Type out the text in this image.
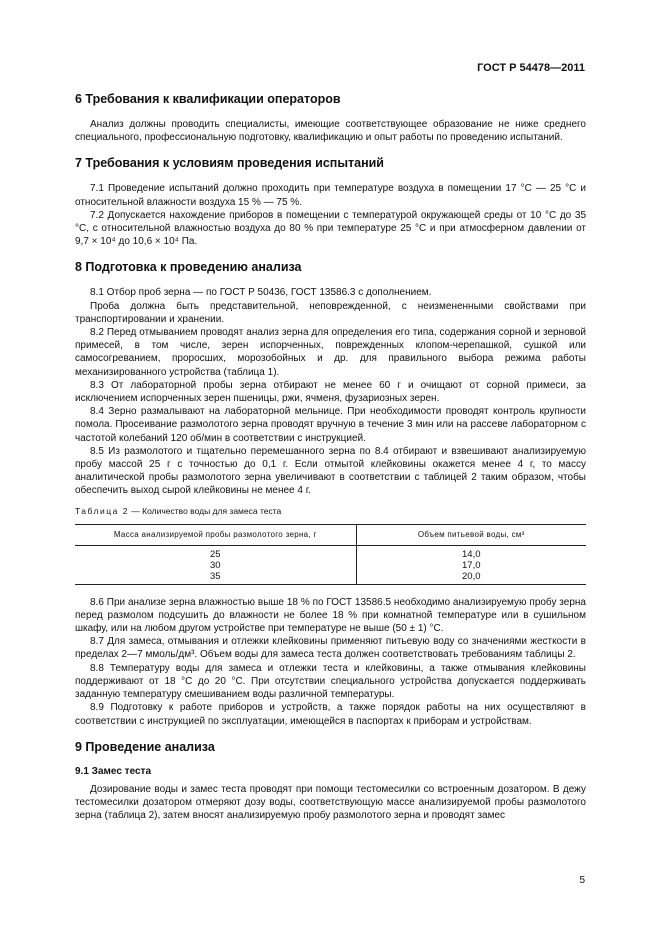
ГОСТ Р 54478—2011
6 Требования к квалификации операторов

Анализ должны проводить специалисты, имеющие соответствующее образование не ниже среднего специального, профессиональную подготовку, квалификацию и опыт работы по проведению испытаний.

7 Требования к условиям проведения испытаний

7.1 Проведение испытаний должно проходить при температуре воздуха в помещении 17 °С — 25 °С и относительной влажности воздуха 15 % — 75 %.

7.2 Допускается нахождение приборов в помещении с температурой окружающей среды от 10 °С до 35 °С, с относительной влажностью воздуха до 80 % при температуре 25 °С и при атмосферном давлении от 9,7 × 10⁴ до 10,6 × 10⁴ Па.

8 Подготовка к проведению анализа

8.1 Отбор проб зерна — по ГОСТ Р 50436, ГОСТ 13586.3 с дополнением.

Проба должна быть представительной, неповрежденной, с неизмененными свойствами при транспортировании и хранении.

8.2 Перед отмыванием проводят анализ зерна для определения его типа, содержания сорной и зерновой примесей, в том числе, зерен испорченных, поврежденных клопом-черепашкой, сушкой или самосогреванием, проросших, морозобойных и др. для правильного выбора режима работы механизированного устройства (таблица 1).

8.3 От лабораторной пробы зерна отбирают не менее 60 г и очищают от сорной примеси, за исключением испорченных зерен пшеницы, ржи, ячменя, фузариозных зерен.

8.4 Зерно размалывают на лабораторной мельнице. При необходимости проводят контроль крупности помола. Просеивание размолотого зерна проводят вручную в течение 3 мин или на рассеве лабораторном с частотой колебаний 120 об/мин в соответствии с инструкцией.

8.5 Из размолотого и тщательно перемешанного зерна по 8.4 отбирают и взвешивают анализируемую пробу массой 25 г с точностью до 0,1 г. Если отмытой клейковины окажется менее 4 г, то массу аналитической пробы размолотого зерна увеличивают в соответствии с таблицей 2 таким образом, чтобы обеспечить выход сырой клейковины не менее 4 г.

Таблица 2 — Количество воды для замеса теста
Масса анализируемой пробы размолотого зерна, г	Объем питьевой воды, см³
25	14,0
30	17,0
35	20,0

8.6 При анализе зерна влажностью выше 18 % по ГОСТ 13586.5 необходимо анализируемую пробу зерна перед размолом подсушить до влажности не более 18 % при комнатной температуре или в сушильном шкафу, или на любом другом устройстве при температуре не выше (50 ± 1) °С.

8.7 Для замеса, отмывания и отлежки клейковины применяют питьевую воду со значениями жесткости в пределах 2—7 ммоль/дм³. Объем воды для замеса теста должен соответствовать требованиям таблицы 2.

8.8 Температуру воды для замеса и отлежки теста и клейковины, а также отмывания клейковины поддерживают от 18 °С до 20 °С. При отсутствии специального устройства допускается поддерживать заданную температуру смешиванием воды различной температуры.

8.9 Подготовку к работе приборов и устройств, а также порядок работы на них осуществляют в соответствии с инструкцией по эксплуатации, имеющейся в паспортах к приборам и устройствам.

9 Проведение анализа
9.1 Замес теста

Дозирование воды и замес теста проводят при помощи тестомесилки со встроенным дозатором. В дежу тестомесилки дозатором отмеряют дозу воды, соответствующую массе анализируемой пробы размолотого зерна (таблица 2), затем вносят анализируемую пробу размолотого зерна и проводят замес

5
